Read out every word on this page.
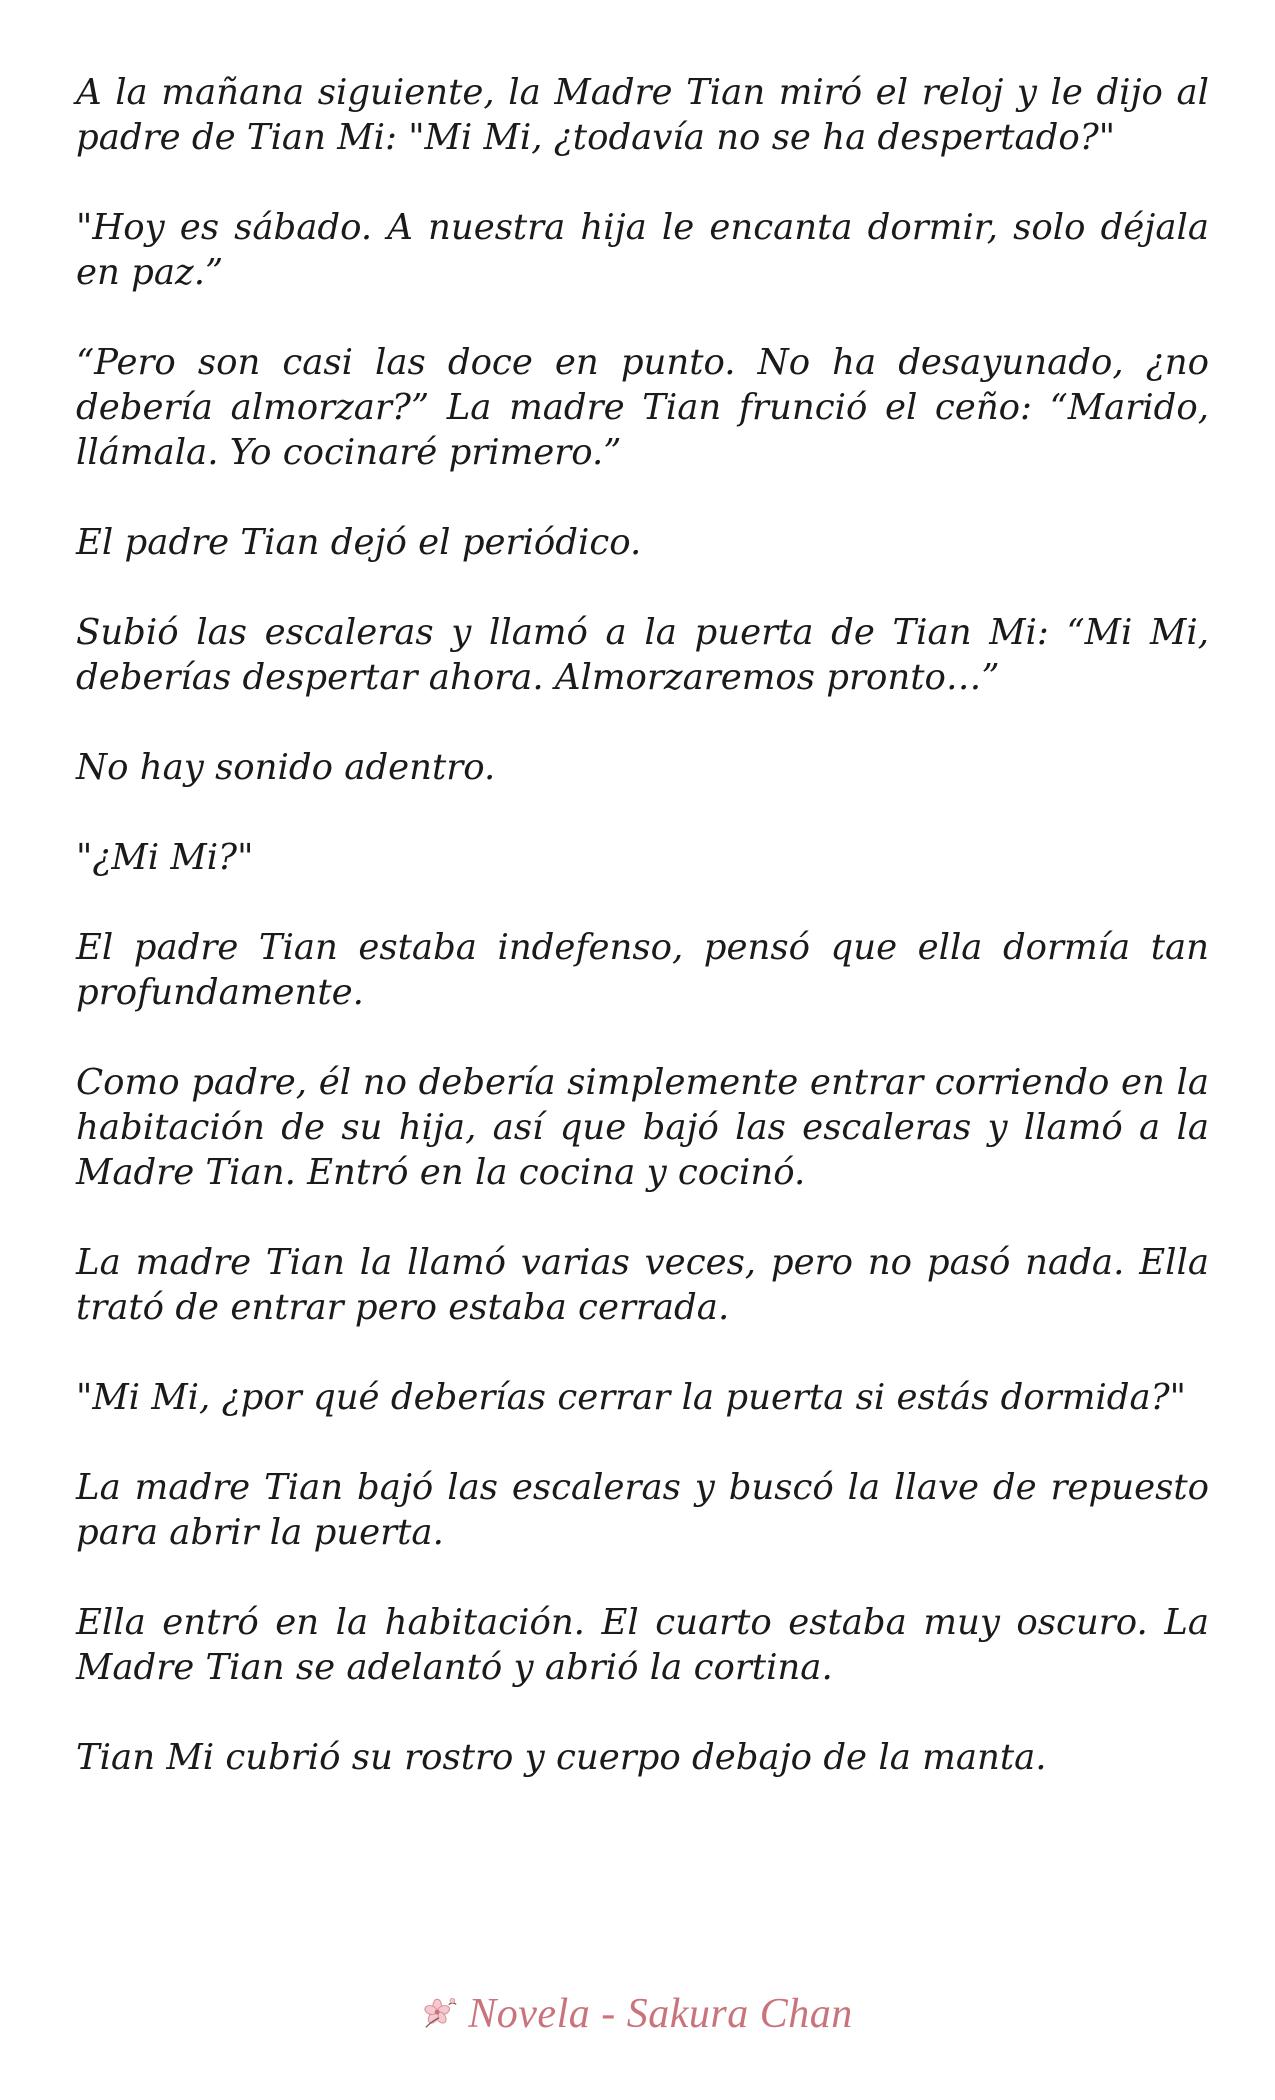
A la mañana siguiente, la Madre Tian miró el reloj y le dijo al padre de Tian Mi: "Mi Mi, ¿todavía no se ha despertado?"

"Hoy es sábado. A nuestra hija le encanta dormir, solo déjala en paz.”

“Pero son casi las doce en punto. No ha desayunado, ¿no debería almorzar?” La madre Tian frunció el ceño: “Marido, llámala. Yo cocinaré primero.”

El padre Tian dejó el periódico.

Subió las escaleras y llamó a la puerta de Tian Mi: “Mi Mi, deberías despertar ahora. Almorzaremos pronto…”

No hay sonido adentro.

"¿Mi Mi?"

El padre Tian estaba indefenso, pensó que ella dormía tan profundamente.

Como padre, él no debería simplemente entrar corriendo en la habitación de su hija, así que bajó las escaleras y llamó a la Madre Tian. Entró en la cocina y cocinó.

La madre Tian la llamó varias veces, pero no pasó nada. Ella trató de entrar pero estaba cerrada.

"Mi Mi, ¿por qué deberías cerrar la puerta si estás dormida?"

La madre Tian bajó las escaleras y buscó la llave de repuesto para abrir la puerta.

Ella entró en la habitación. El cuarto estaba muy oscuro. La Madre Tian se adelantó y abrió la cortina.

Tian Mi cubrió su rostro y cuerpo debajo de la manta.

Novela - Sakura Chan
